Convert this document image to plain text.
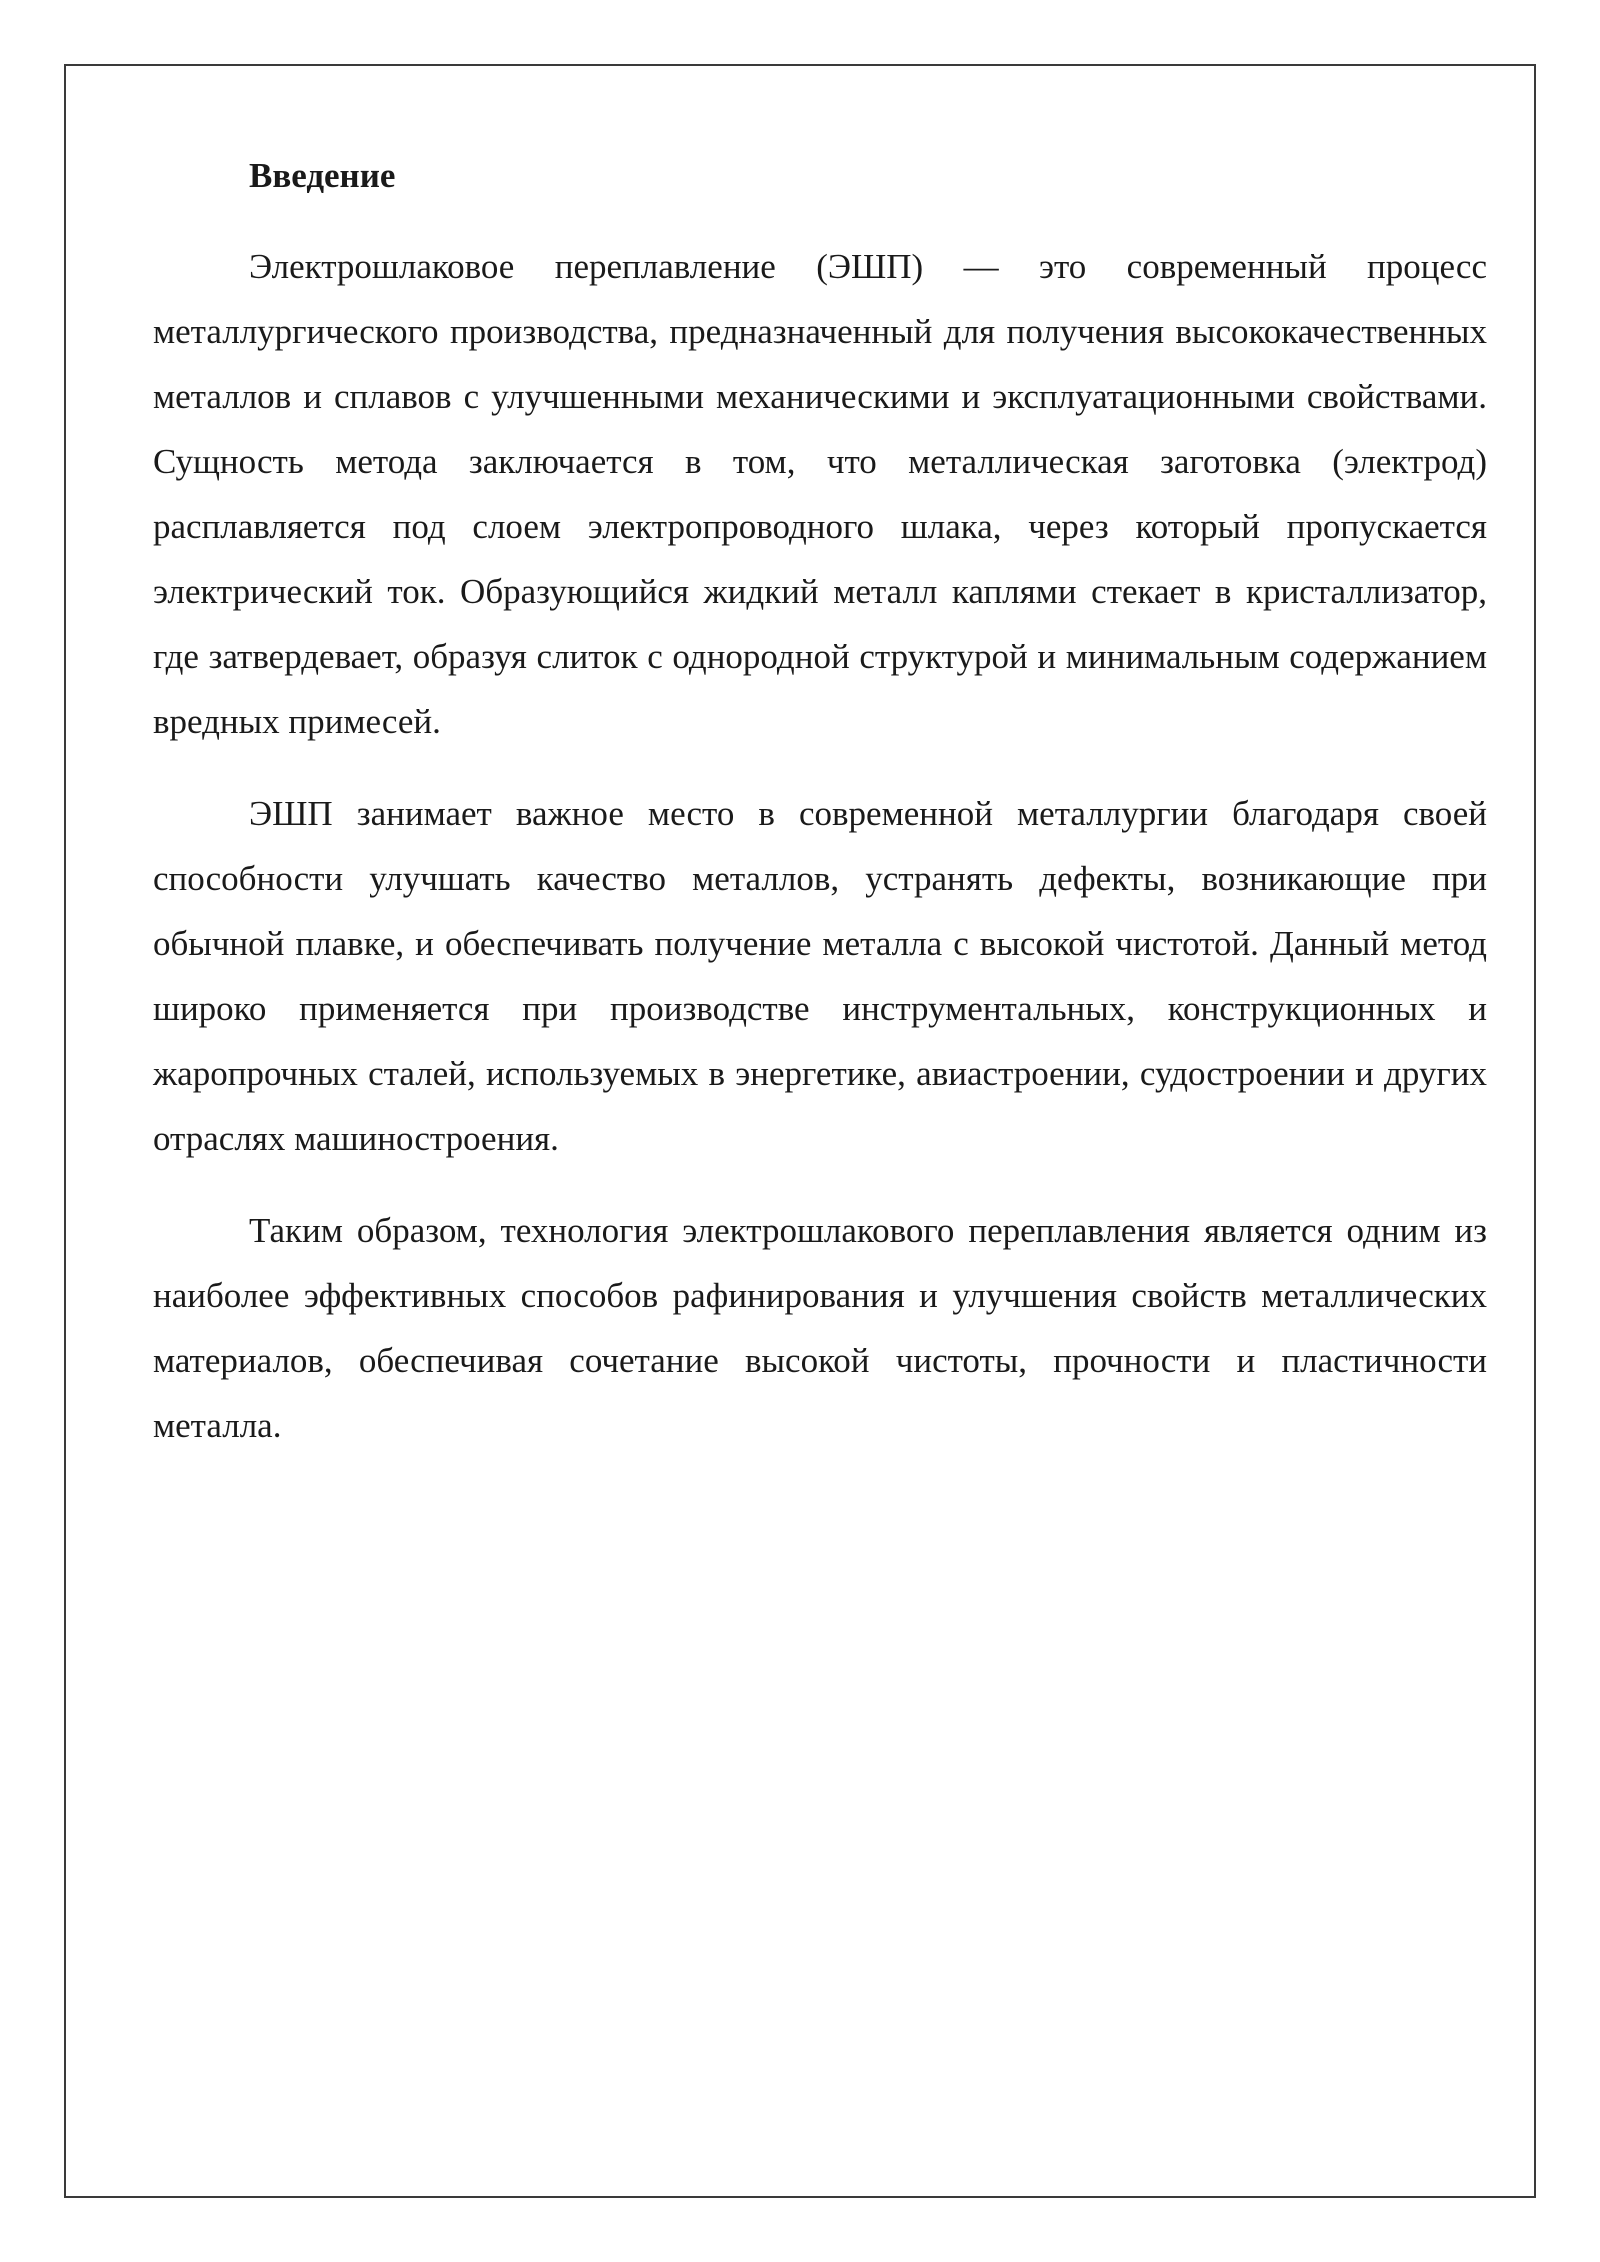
Введение

Электрошлаковое переплавление (ЭШП) — это современный процесс металлургического производства, предназначенный для получения высококачественных металлов и сплавов с улучшенными механическими и эксплуатационными свойствами. Сущность метода заключается в том, что металлическая заготовка (электрод) расплавляется под слоем электропроводного шлака, через который пропускается электрический ток. Образующийся жидкий металл каплями стекает в кристаллизатор, где затвердевает, образуя слиток с однородной структурой и минимальным содержанием вредных примесей.

ЭШП занимает важное место в современной металлургии благодаря своей способности улучшать качество металлов, устранять дефекты, возникающие при обычной плавке, и обеспечивать получение металла с высокой чистотой. Данный метод широко применяется при производстве инструментальных, конструкционных и жаропрочных сталей, используемых в энергетике, авиастроении, судостроении и других отраслях машиностроения.

Таким образом, технология электрошлакового переплавления является одним из наиболее эффективных способов рафинирования и улучшения свойств металлических материалов, обеспечивая сочетание высокой чистоты, прочности и пластичности металла.
